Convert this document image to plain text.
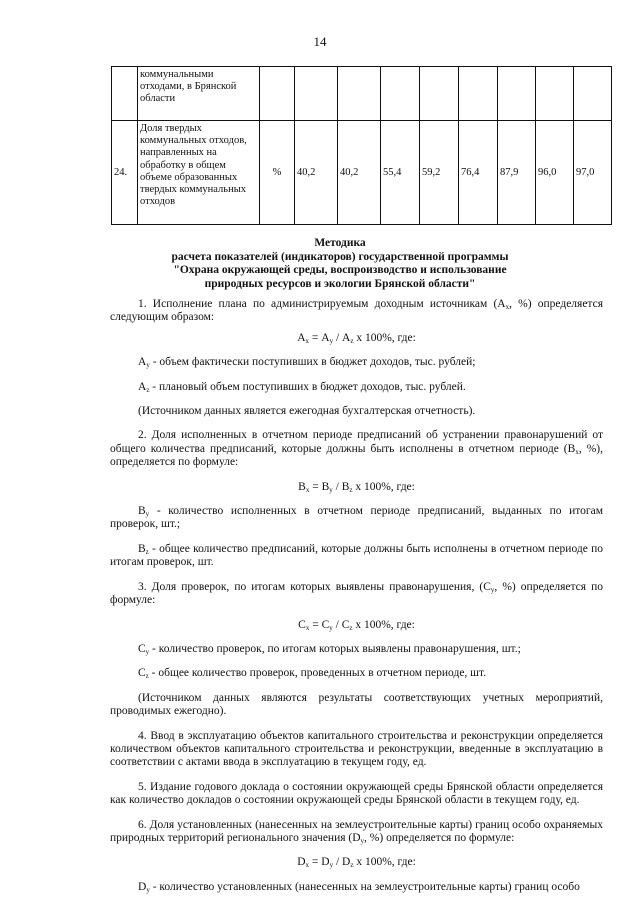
14
	коммунальными отходами, в Брянской области									
24.	Доля твердых коммунальных отходов, направленных на обработку в общем объеме образованных твердых коммунальных отходов	%	40,2	40,2	55,4	59,2	76,4	87,9	96,0	97,0
Методика
расчета показателей (индикаторов) государственной программы
"Охрана окружающей среды, воспроизводство и использование
природных ресурсов и экологии Брянской области"

1. Исполнение плана по администрируемым доходным источникам ($А_х$, %) определяется следующим образом:

$А_х = А_у / А_z$ х 100%, где:

$А_у$ - объем фактически поступивших в бюджет доходов, тыс. рублей;

$А_z$ - плановый объем поступивших в бюджет доходов, тыс. рублей.

(Источником данных является ежегодная бухгалтерская отчетность).

2. Доля исполненных в отчетном периоде предписаний об устранении правонарушений от общего количества предписаний, которые должны быть исполнены в отчетном периоде ($В_х$, %), определяется по формуле:

$В_х = В_у / В_z$ х 100%, где:

$В_у$ - количество исполненных в отчетном периоде предписаний, выданных по итогам проверок, шт.;

$В_z$ - общее количество предписаний, которые должны быть исполнены в отчетном периоде по итогам проверок, шт.

3. Доля проверок, по итогам которых выявлены правонарушения, ($С_у$, %) определяется по формуле:

$С_х = С_у / С_z$ х 100%, где:

$С_у$ - количество проверок, по итогам которых выявлены правонарушения, шт.;

$С_z$ - общее количество проверок, проведенных в отчетном периоде, шт.

(Источником данных являются результаты соответствующих учетных мероприятий, проводимых ежегодно).

4. Ввод в эксплуатацию объектов капитального строительства и реконструкции определяется количеством объектов капитального строительства и реконструкции, введенные в эксплуатацию в соответствии с актами ввода в эксплуатацию в текущем году, ед.

5. Издание годового доклада о состоянии окружающей среды Брянской области определяется как количество докладов о состоянии окружающей среды Брянской области в текущем году, ед.

6. Доля установленных (нанесенных на землеустроительные карты) границ особо охраняемых природных территорий регионального значения ($D_у$, %) определяется по формуле:

$D_х = D_у / D_z$ х 100%, где:

$D_у$ - количество установленных (нанесенных на землеустроительные карты) границ особо
